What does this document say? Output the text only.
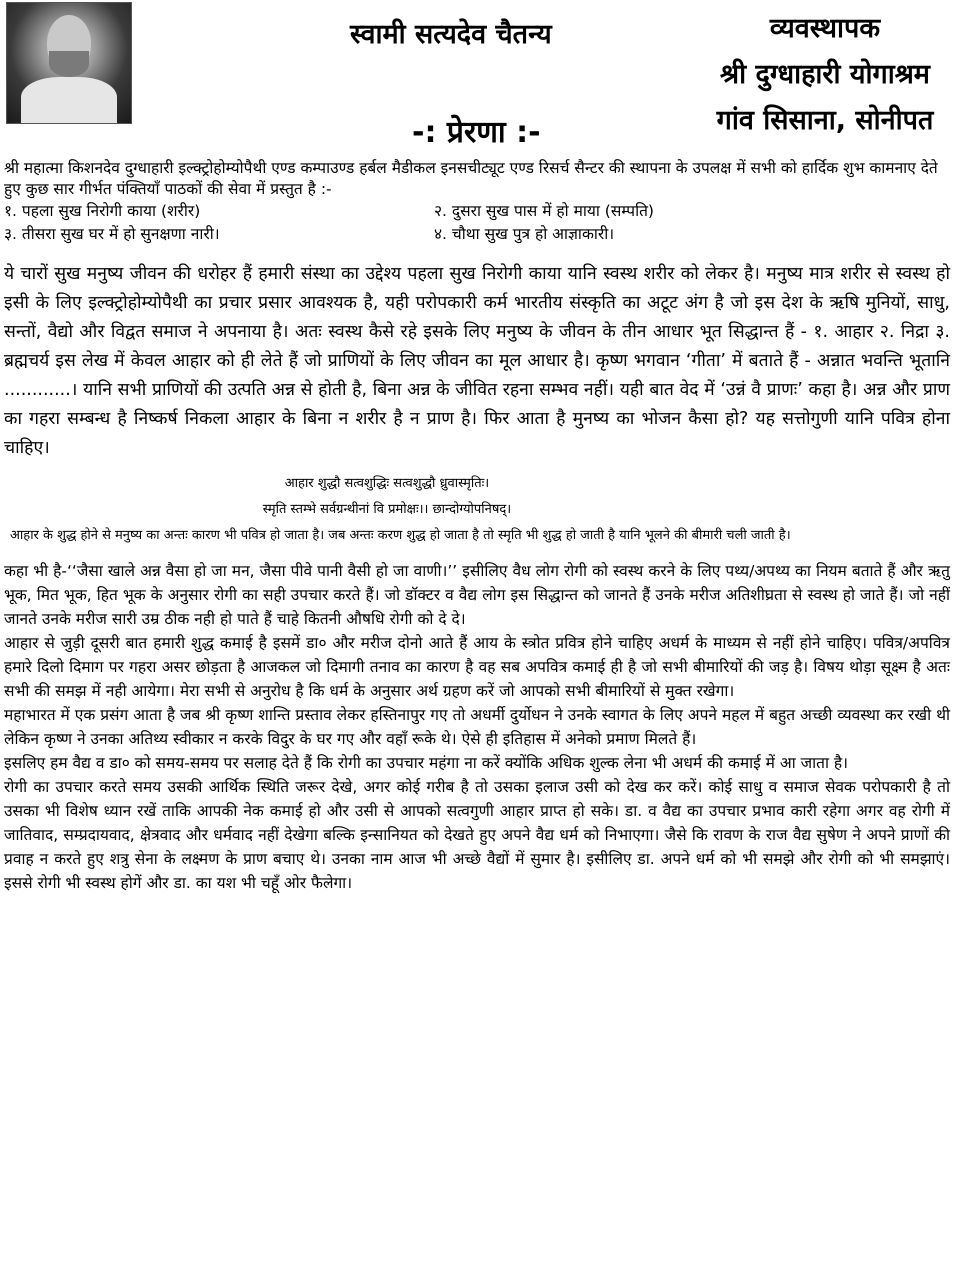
स्वामी सत्यदेव चैतन्य
-: प्रेरणा :-
व्यवस्थापक
श्री दुग्धाहारी योगाश्रम
गांव सिसाना, सोनीपत

श्री महात्मा किशनदेव दुग्धाहारी इल्क्ट्रोहोम्योपैथी एण्ड कम्पाउण्ड हर्बल मैडीकल इनसचीट्यूट एण्ड रिसर्च सैन्टर की स्थापना के उपलक्ष में सभी को हार्दिक शुभ कामनाए देते हुए कुछ सार गीर्भत पंक्तियाँ पाठकों की सेवा में प्रस्तुत है :-

१. पहला सुख निरोगी काया (शरीर)	२. दुसरा सुख पास में हो माया (सम्पति)
३. तीसरा सुख घर में हो सुनक्षणा नारी।	४. चौथा सुख पुत्र हो आज्ञाकारी।

ये चारों सुख मनुष्य जीवन की धरोहर हैं हमारी संस्था का उद्देश्य पहला सुख निरोगी काया यानि स्वस्थ शरीर को लेकर है। मनुष्य मात्र शरीर से स्वस्थ हो इसी के लिए इल्क्ट्रोहोम्योपैथी का प्रचार प्रसार आवश्यक है, यही परोपकारी कर्म भारतीय संस्कृति का अटूट अंग है जो इस देश के ऋषि मुनियों, साधु, सन्तों, वैद्यो और विद्वत समाज ने अपनाया है। अतः स्वस्थ कैसे रहे इसके लिए मनुष्य के जीवन के तीन आधार भूत सिद्धान्त हैं - १. आहार २. निद्रा ३. ब्रह्मचर्य इस लेख में केवल आहार को ही लेते हैं जो प्राणियों के लिए जीवन का मूल आधार है। कृष्ण भगवान ‘गीता’ में बताते हैं - अन्नात भवन्ति भूतानि ............। यानि सभी प्राणियों की उत्पति अन्न से होती है, बिना अन्न के जीवित रहना सम्भव नहीं। यही बात वेद में ‘उन्नं वै प्राणः’ कहा है। अन्न और प्राण का गहरा सम्बन्ध है निष्कर्ष निकला आहार के बिना न शरीर है न प्राण है। फिर आता है मुनष्य का भोजन कैसा हो? यह सत्तोगुणी यानि पवित्र होना चाहिए।

आहार शुद्धौ सत्वशुद्धिः सत्वशुद्धौ ध्रुवास्मृतिः।
स्मृति स्तम्भे सर्वग्रन्थीनां वि प्रमोक्षः।। छान्दोग्योपनिषद्।

आहार के शुद्ध होने से मनुष्य का अन्तः कारण भी पवित्र हो जाता है। जब अन्तः करण शुद्ध हो जाता है तो स्मृति भी शुद्ध हो जाती है यानि भूलने की बीमारी चली जाती है।

कहा भी है-‘‘जैसा खाले अन्न वैसा हो जा मन, जैसा पीवे पानी वैसी हो जा वाणी।’’ इसीलिए वैध लोग रोगी को स्वस्थ करने के लिए पथ्य/अपथ्य का नियम बताते हैं और ऋतु भूक, मित भूक, हित भूक के अनुसार रोगी का सही उपचार करते हैं। जो डॉक्टर व वैद्य लोग इस सिद्धान्त को जानते हैं उनके मरीज अतिशीघ्रता से स्वस्थ हो जाते हैं। जो नहीं जानते उनके मरीज सारी उम्र ठीक नही हो पाते हैं चाहे कितनी औषधि रोगी को दे दे।

आहार से जुड़ी दूसरी बात हमारी शुद्ध कमाई है इसमें डा० और मरीज दोनो आते हैं आय के स्त्रोत प्रवित्र होने चाहिए अधर्म के माध्यम से नहीं होने चाहिए। पवित्र/अपवित्र हमारे दिलो दिमाग पर गहरा असर छोड़ता है आजकल जो दिमागी तनाव का कारण है वह सब अपवित्र कमाई ही है जो सभी बीमारियों की जड़ है। विषय थोड़ा सूक्ष्म है अतः सभी की समझ में नही आयेगा। मेरा सभी से अनुरोध है कि धर्म के अनुसार अर्थ ग्रहण करें जो आपको सभी बीमारियों से मुक्त रखेगा।

महाभारत में एक प्रसंग आता है जब श्री कृष्ण शान्ति प्रस्ताव लेकर हस्तिनापुर गए तो अधर्मी दुर्योधन ने उनके स्वागत के लिए अपने महल में बहुत अच्छी व्यवस्था कर रखी थी लेकिन कृष्ण ने उनका अतिथ्य स्वीकार न करके विदुर के घर गए और वहाँ रूके थे। ऐसे ही इतिहास में अनेको प्रमाण मिलते हैं।

इसलिए हम वैद्य व डा० को समय-समय पर सलाह देते हैं कि रोगी का उपचार महंगा ना करें क्योंकि अधिक शुल्क लेना भी अधर्म की कमाई में आ जाता है।

रोगी का उपचार करते समय उसकी आर्थिक स्थिति जरूर देखे, अगर कोई गरीब है तो उसका इलाज उसी को देख कर करें। कोई साधु व समाज सेवक परोपकारी है तो उसका भी विशेष ध्यान रखें ताकि आपकी नेक कमाई हो और उसी से आपको सत्वगुणी आहार प्राप्त हो सके। डा. व वैद्य का उपचार प्रभाव कारी रहेगा अगर वह रोगी में जातिवाद, सम्प्रदायवाद, क्षेत्रवाद और धर्मवाद नहीं देखेगा बल्कि इन्सानियत को देखते हुए अपने वैद्य धर्म को निभाएगा। जैसे कि रावण के राज वैद्य सुषेण ने अपने प्राणों की प्रवाह न करते हुए शत्रु सेना के लक्ष्मण के प्राण बचाए थे। उनका नाम आज भी अच्छे वैद्यों में सुमार है। इसीलिए डा. अपने धर्म को भी समझे और रोगी को भी समझाएं। इससे रोगी भी स्वस्थ होगें और डा. का यश भी चहूँ ओर फैलेगा।
